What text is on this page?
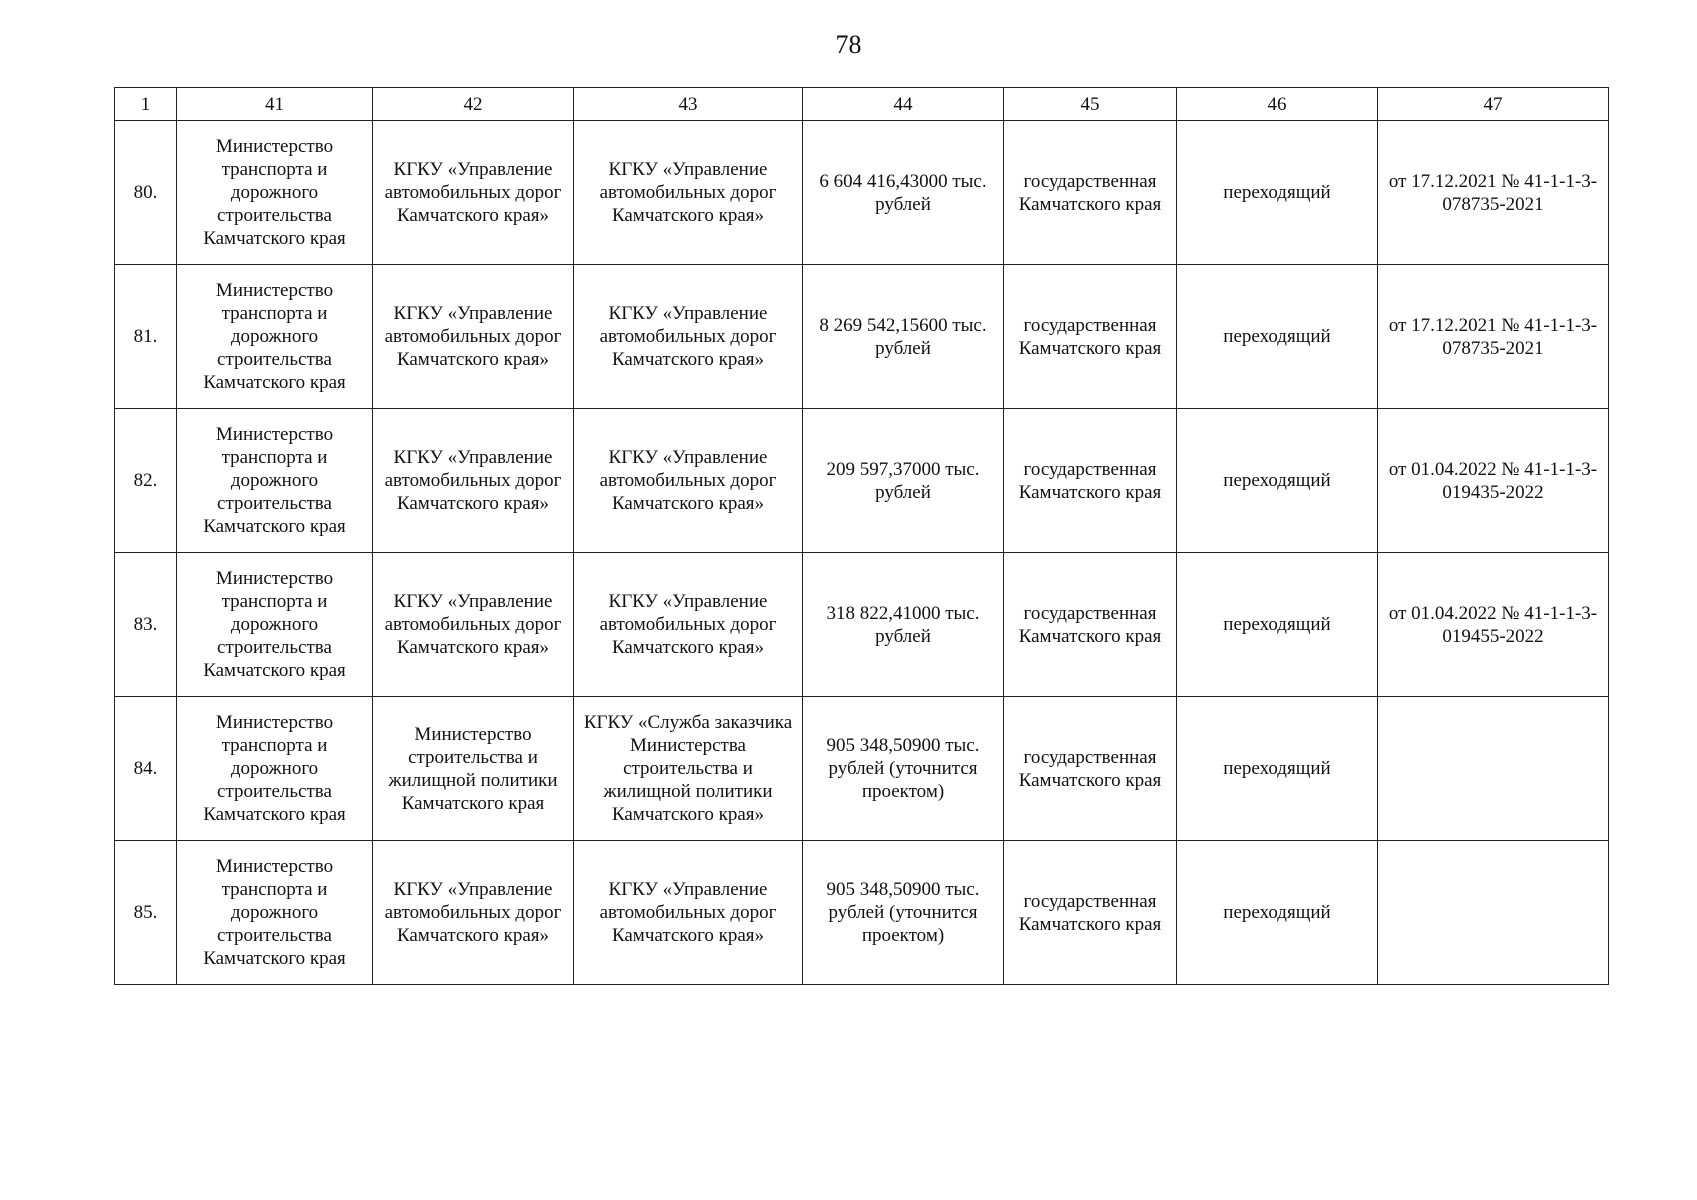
78
1	41	42	43	44	45	46	47
80.	Министерство транспорта и дорожного строительства Камчатского края	КГКУ «Управление автомобильных дорог Камчатского края»	КГКУ «Управление автомобильных дорог Камчатского края»	6 604 416,43000 тыс. рублей	государственная Камчатского края	переходящий	от 17.12.2021 № 41-1-1-3-078735-2021
81.	Министерство транспорта и дорожного строительства Камчатского края	КГКУ «Управление автомобильных дорог Камчатского края»	КГКУ «Управление автомобильных дорог Камчатского края»	8 269 542,15600 тыс. рублей	государственная Камчатского края	переходящий	от 17.12.2021 № 41-1-1-3-078735-2021
82.	Министерство транспорта и дорожного строительства Камчатского края	КГКУ «Управление автомобильных дорог Камчатского края»	КГКУ «Управление автомобильных дорог Камчатского края»	209 597,37000 тыс. рублей	государственная Камчатского края	переходящий	от 01.04.2022 № 41-1-1-3-019435-2022
83.	Министерство транспорта и дорожного строительства Камчатского края	КГКУ «Управление автомобильных дорог Камчатского края»	КГКУ «Управление автомобильных дорог Камчатского края»	318 822,41000 тыс. рублей	государственная Камчатского края	переходящий	от 01.04.2022 № 41-1-1-3-019455-2022
84.	Министерство транспорта и дорожного строительства Камчатского края	Министерство строительства и жилищной политики Камчатского края	КГКУ «Служба заказчика Министерства строительства и жилищной политики Камчатского края»	905 348,50900 тыс. рублей (уточнится проектом)	государственная Камчатского края	переходящий	
85.	Министерство транспорта и дорожного строительства Камчатского края	КГКУ «Управление автомобильных дорог Камчатского края»	КГКУ «Управление автомобильных дорог Камчатского края»	905 348,50900 тыс. рублей (уточнится проектом)	государственная Камчатского края	переходящий	
